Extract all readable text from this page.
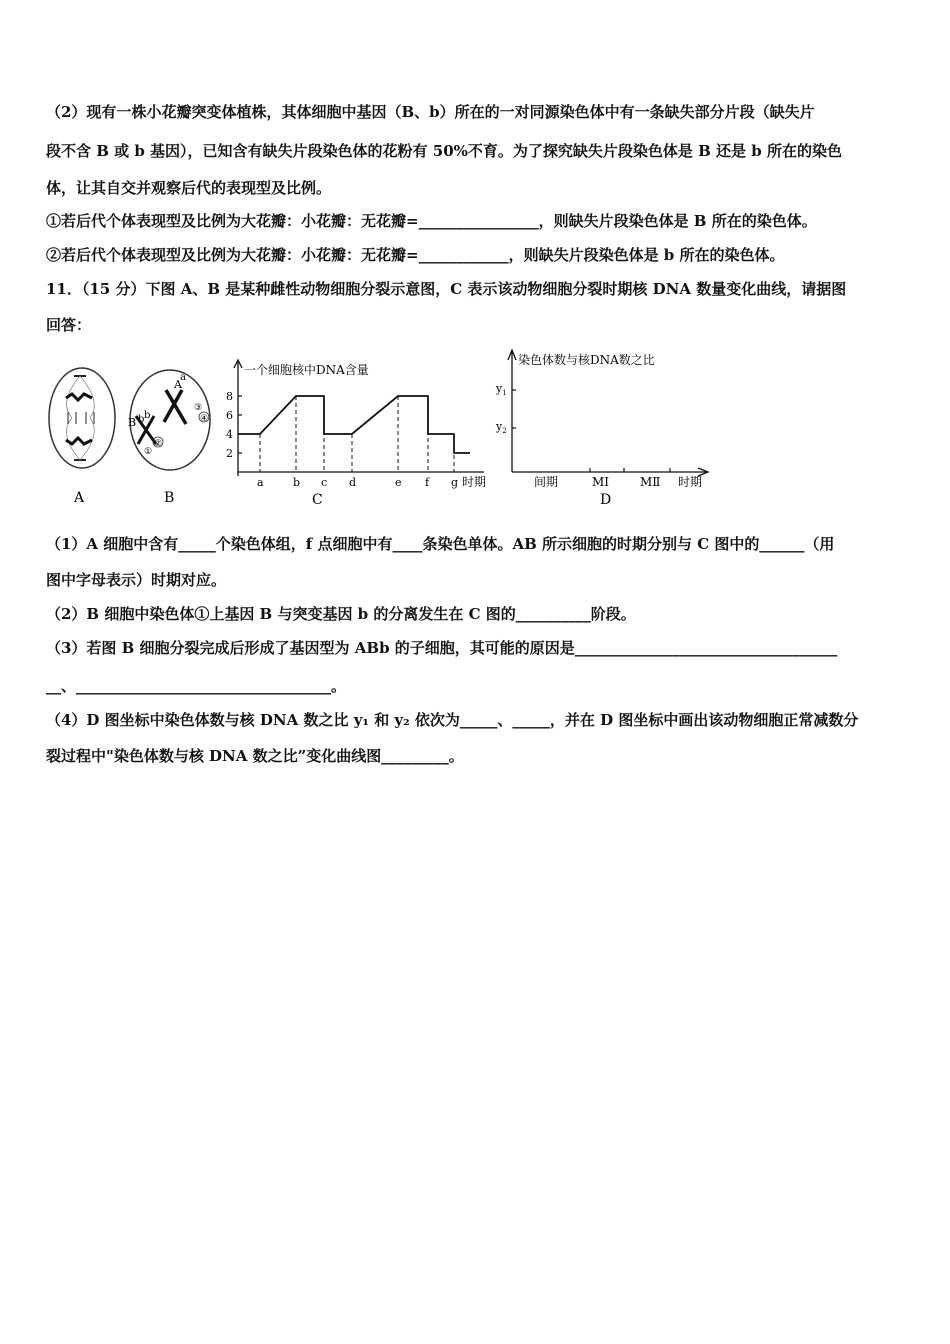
（2）现有一株小花瓣突变体植株，其体细胞中基因（B、b）所在的一对同源染色体中有一条缺失部分片段（缺失片
段不含 B 或 b 基因），已知含有缺失片段染色体的花粉有 50%不育。为了探究缺失片段染色体是 B 还是 b 所在的染色
体，让其自交并观察后代的表现型及比例。
①若后代个体表现型及比例为大花瓣：小花瓣：无花瓣=________________，则缺失片段染色体是 B 所在的染色体。
②若后代个体表现型及比例为大花瓣：小花瓣：无花瓣=____________，则缺失片段染色体是 b 所在的染色体。
11．（15 分）下图 A、B 是某种雌性动物细胞分裂示意图，C 表示该动物细胞分裂时期核 DNA 数量变化曲线，请据图
回答：
A
A
a
B b b	④
③
②
①
B
一个细胞核中DNA含量
时期
C
2
4
6
8
a	b c d	e f g
染色体数与核DNA数之比
$y_1$
$y_2$
间期	MⅠ	MⅡ 时期
D
（1）A 细胞中含有_____个染色体组，f 点细胞中有____条染色单体。AB 所示细胞的时期分别与 C 图中的______（用
图中字母表示）时期对应。
（2）B 细胞中染色体①上基因 B 与突变基因 b 的分离发生在 C 图的__________阶段。
（3）若图 B 细胞分裂完成后形成了基因型为 ABb 的子细胞，其可能的原因是___________________________________
__、__________________________________。
（4）D 图坐标中染色体数与核 DNA 数之比 y₁ 和 y₂ 依次为_____、_____，并在 D 图坐标中画出该动物细胞正常减数分
裂过程中"染色体数与核 DNA 数之比”变化曲线图_________。
